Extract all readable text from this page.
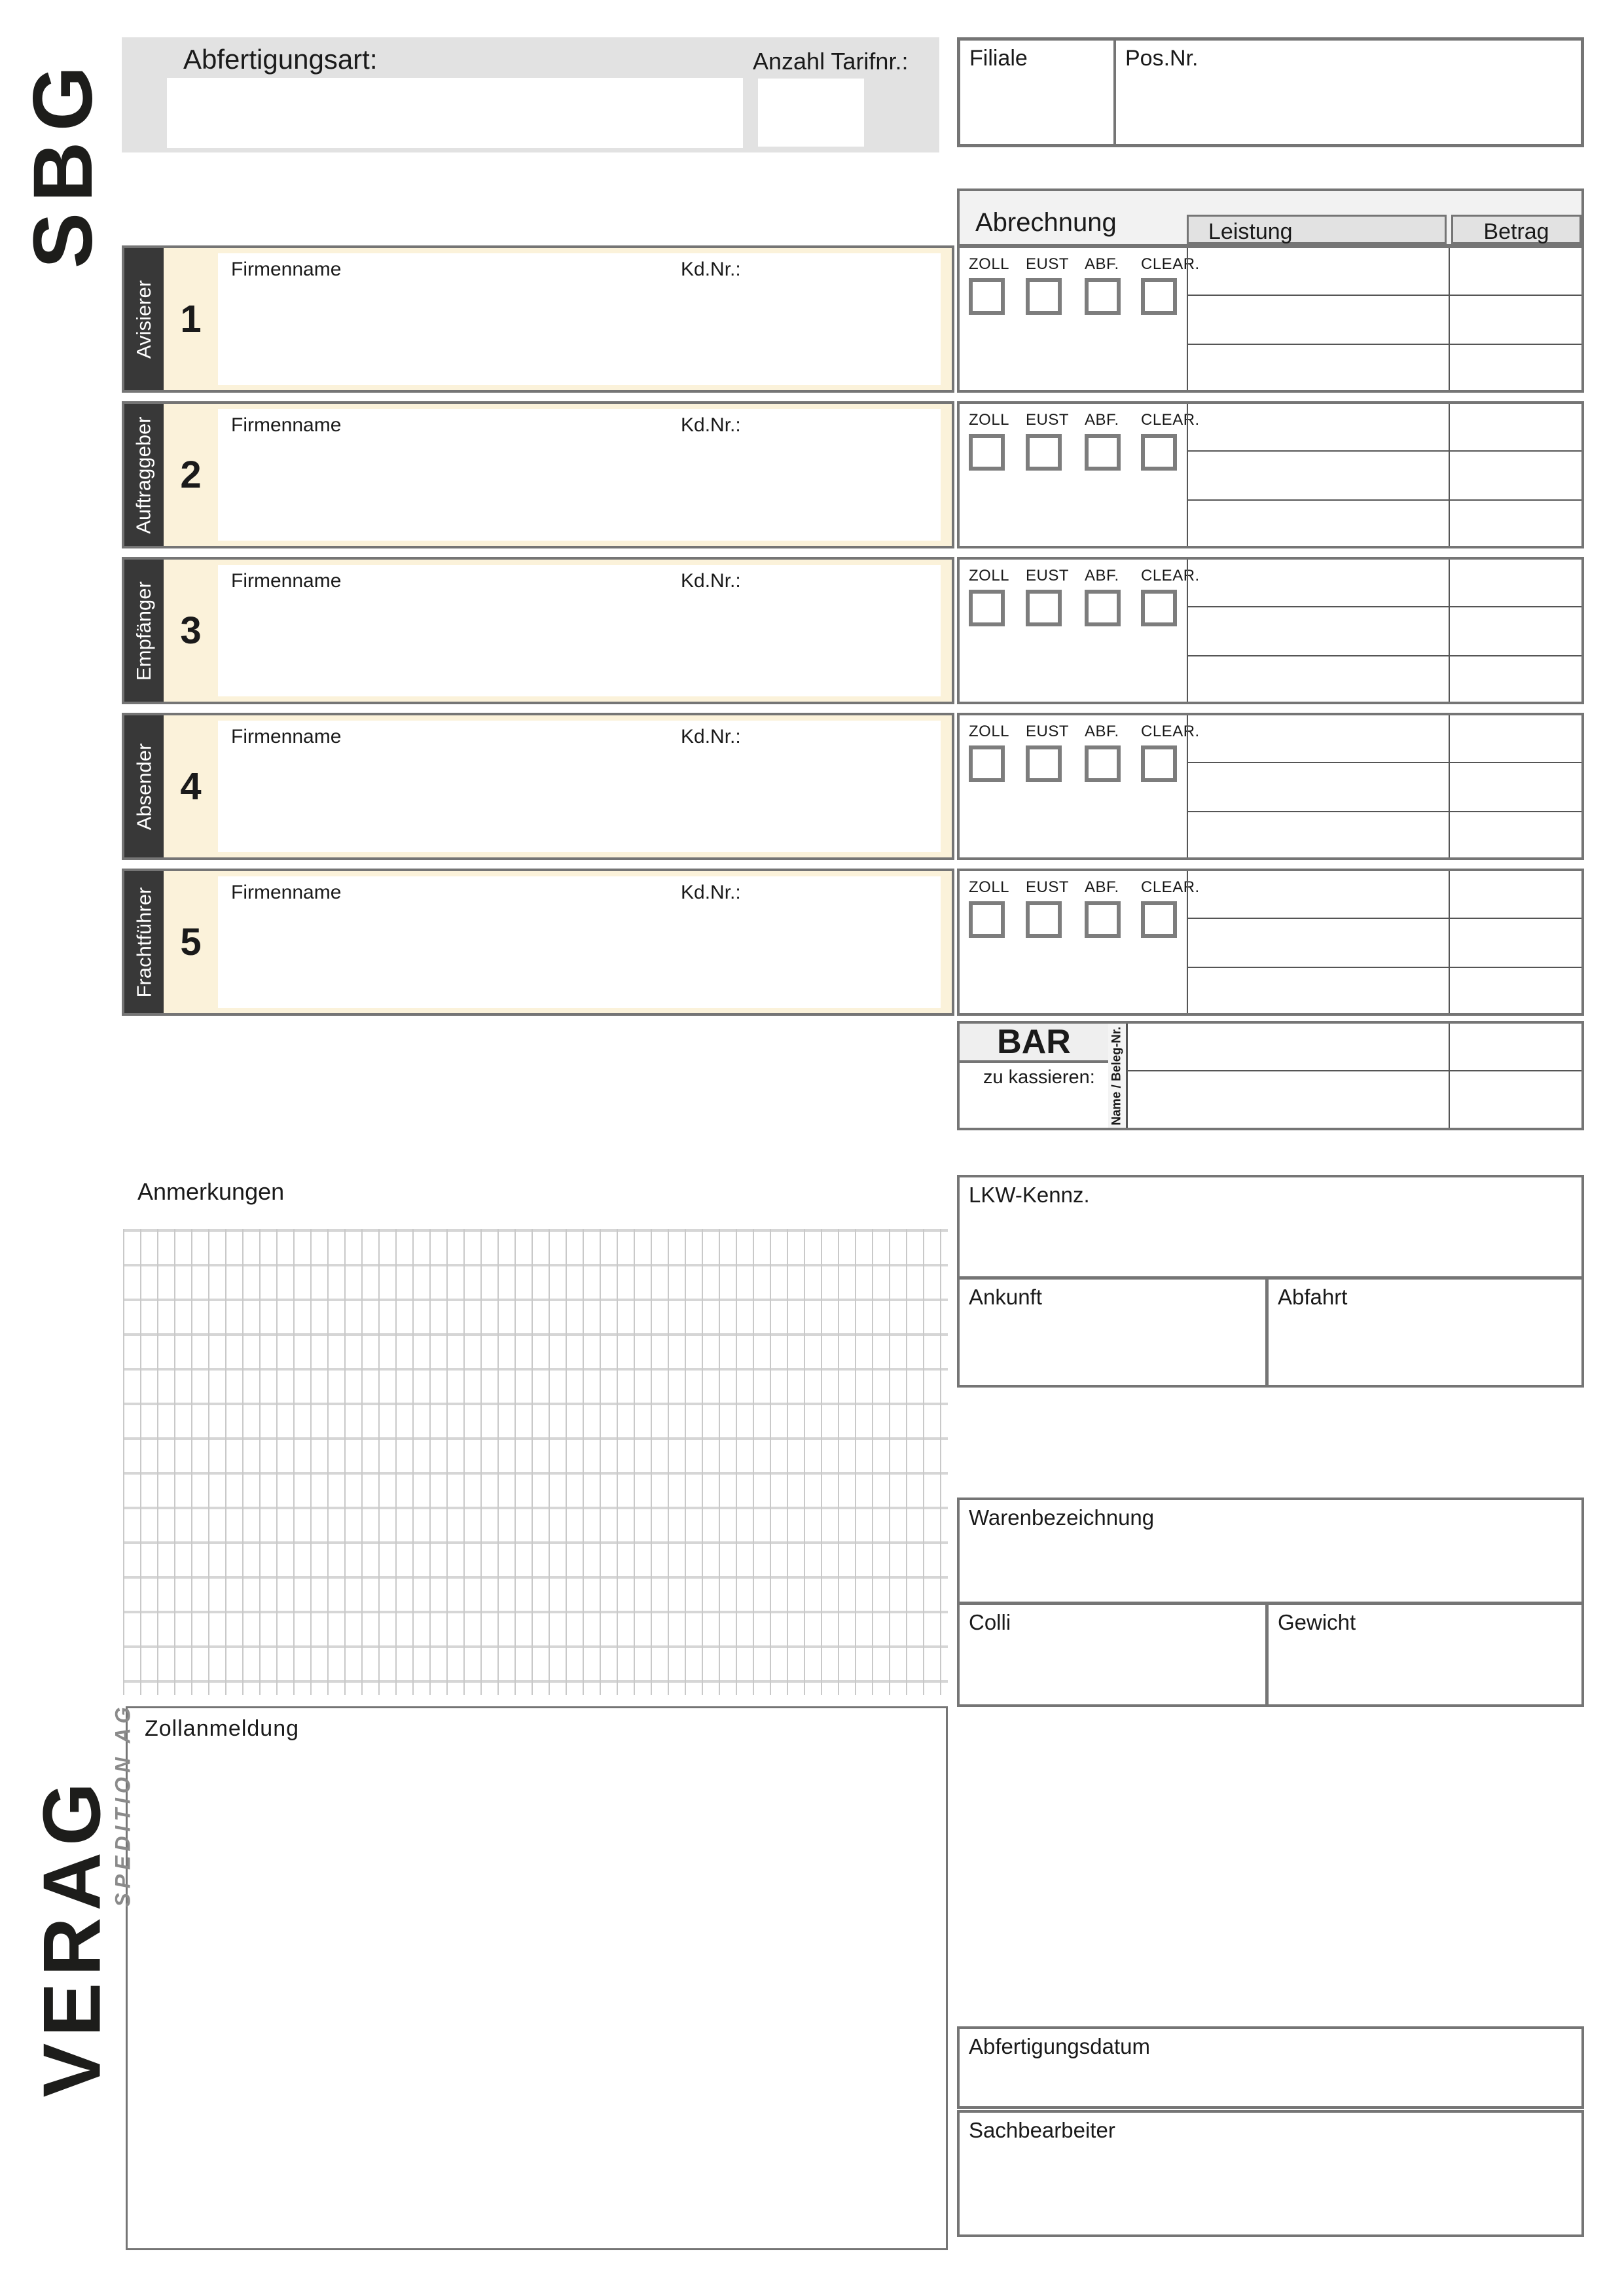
SBG	Abfertigungsart:	Anzahl Tarifnr.:	Filiale	Pos.Nr.
Abrechnung	Leistung	Betrag
Avisierer 1
Firmenname	Kd.Nr.:
Auftraggeber 2
Firmenname	Kd.Nr.:
Empfänger 3
Firmenname	Kd.Nr.:
Absender 4
Firmenname	Kd.Nr.:
Frachtführer 5
Firmenname	Kd.Nr.:
ZOLL EUST ABF. CLEAR.
ZOLL EUST ABF. CLEAR.
ZOLL EUST ABF. CLEAR.
ZOLL EUST ABF. CLEAR.
ZOLL EUST ABF. CLEAR.
BAR
zu kassieren: Name / Beleg-Nr.
Anmerkungen	LKW-Kennz.
Ankunft	Abfahrt
Warenbezeichnung
Colli	Gewicht
Zollanmeldung
Abfertigungsdatum
Sachbearbeiter
VERAG
SPEDITION AG
